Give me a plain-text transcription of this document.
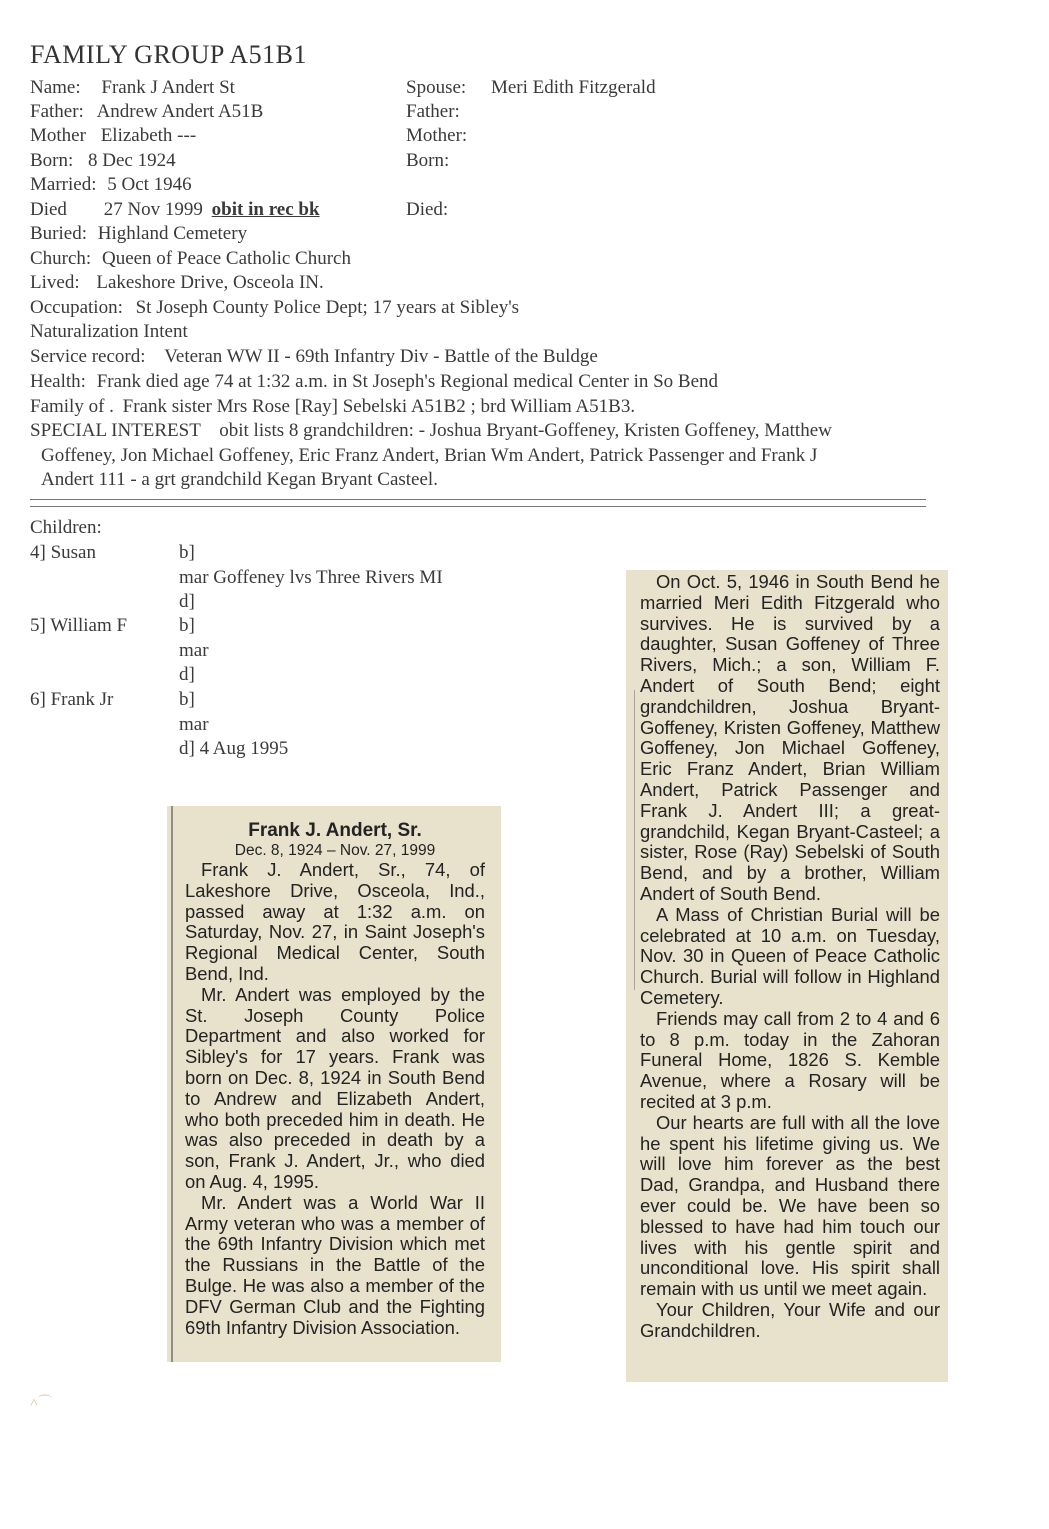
FAMILY GROUP A51B1
Name: Frank J Andert St
Father: Andrew Andert A51B
Mother Elizabeth ---
Born: 8 Dec 1924
Married: 5 Oct 1946
Died 27 Nov 1999 obit in rec bk
Buried: Highland Cemetery
Church: Queen of Peace Catholic Church
Lived: Lakeshore Drive, Osceola IN.
Occupation: St Joseph County Police Dept; 17 years at Sibley's
Naturalization Intent
Service record: Veteran WW II - 69th Infantry Div - Battle of the Buldge
Health: Frank died age 74 at 1:32 a.m. in St Joseph's Regional medical Center in So Bend
Family of . Frank sister Mrs Rose [Ray] Sebelski A51B2 ; brd William A51B3.
SPECIAL INTEREST obit lists 8 grandchildren: - Joshua Bryant-Goffeney, Kristen Goffeney, Matthew
Goffeney, Jon Michael Goffeney, Eric Franz Andert, Brian Wm Andert, Patrick Passenger and Frank J
Andert 111 - a grt grandchild Kegan Bryant Casteel.
Spouse: Meri Edith Fitzgerald
Father:
Mother:
Born:
Died:
Children:
4] Susan	b]
mar Goffeney lvs Three Rivers MI
d]
5] William F	b]
mar
d]
6] Frank Jr	b]
mar
d] 4 Aug 1995
Frank J. Andert, Sr.
Dec. 8, 1924 – Nov. 27, 1999

Frank J. Andert, Sr., 74, of Lakeshore Drive, Osceola, Ind., passed away at 1:32 a.m. on Saturday, Nov. 27, in Saint Joseph's Regional Medical Center, South Bend, Ind.

Mr. Andert was employed by the St. Joseph County Police Department and also worked for Sibley's for 17 years. Frank was born on Dec. 8, 1924 in South Bend to Andrew and Elizabeth Andert, who both preceded him in death. He was also preceded in death by a son, Frank J. Andert, Jr., who died on Aug. 4, 1995.

Mr. Andert was a World War II Army veteran who was a member of the 69th Infantry Division which met the Russians in the Battle of the Bulge. He was also a member of the DFV German Club and the Fighting 69th Infantry Division Association.

On Oct. 5, 1946 in South Bend he married Meri Edith Fitzgerald who survives. He is survived by a daughter, Susan Goffeney of Three Rivers, Mich.; a son, William F. Andert of South Bend; eight grandchildren, Joshua Bryant-Goffeney, Kristen Goffeney, Matthew Goffeney, Jon Michael Goffeney, Eric Franz Andert, Brian William Andert, Patrick Passenger and Frank J. Andert III; a great-grandchild, Kegan Bryant-Casteel; a sister, Rose (Ray) Sebelski of South Bend, and by a brother, William Andert of South Bend.

A Mass of Christian Burial will be celebrated at 10 a.m. on Tuesday, Nov. 30 in Queen of Peace Catholic Church. Burial will follow in Highland Cemetery.

Friends may call from 2 to 4 and 6 to 8 p.m. today in the Zahoran Funeral Home, 1826 S. Kemble Avenue, where a Rosary will be recited at 3 p.m.

Our hearts are full with all the love he spent his lifetime giving us. We will love him forever as the best Dad, Grandpa, and Husband there ever could be. We have been so blessed to have had him touch our lives with his gentle spirit and unconditional love. His spirit shall remain with us until we meet again.

Your Children, Your Wife and our Grandchildren.

˄⌒
